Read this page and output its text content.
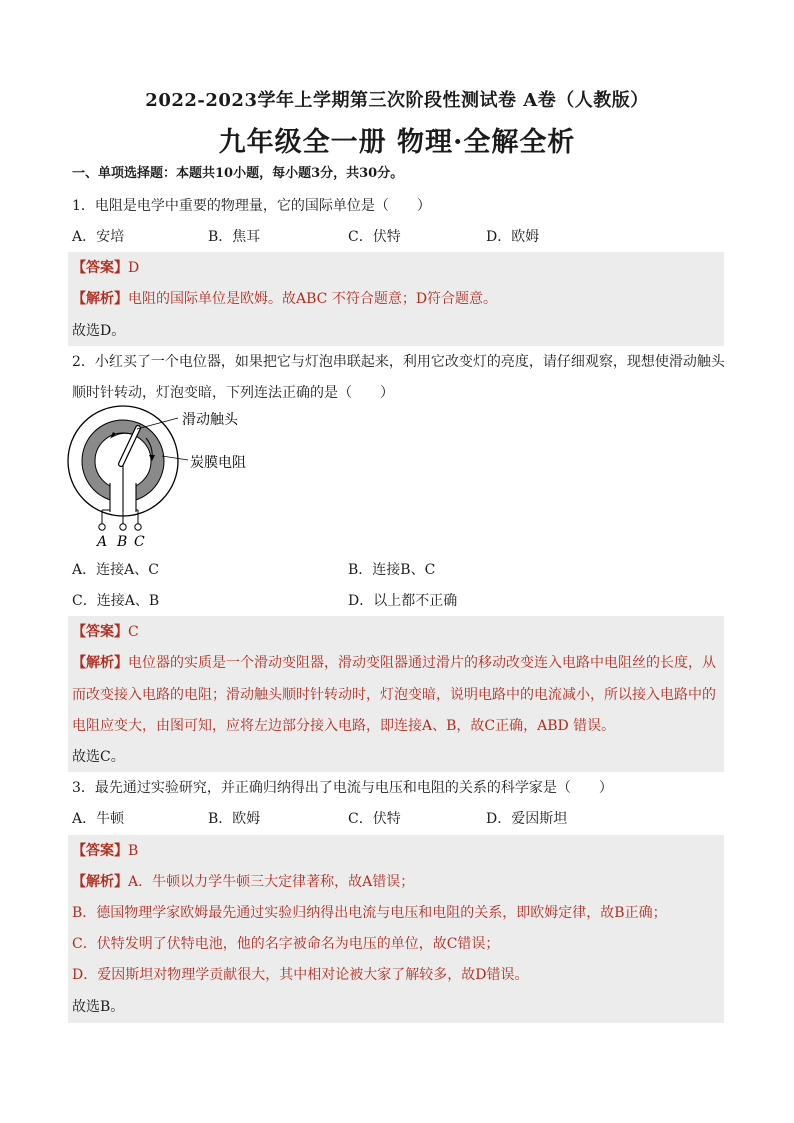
2022-2023学年上学期第三次阶段性测试卷 A卷（人教版）
九年级全一册 物理·全解全析
一、单项选择题：本题共10小题，每小题3分，共30分。
1．电阻是电学中重要的物理量，它的国际单位是（　　）
A．安培	B．焦耳	C．伏特	D．欧姆
【答案】D
【解析】电阻的国际单位是欧姆。故ABC 不符合题意；D符合题意。
故选D。
2．小红买了一个电位器，如果把它与灯泡串联起来，利用它改变灯的亮度，请仔细观察，现想使滑动触头
顺时针转动，灯泡变暗，下列连法正确的是（　　）
滑动触头
炭膜电阻
A B C
A．连接A、C	B．连接B、C
C．连接A、B	D．以上都不正确
【答案】C
【解析】电位器的实质是一个滑动变阻器，滑动变阻器通过滑片的移动改变连入电路中电阻丝的长度，从
而改变接入电路的电阻；滑动触头顺时针转动时，灯泡变暗，说明电路中的电流减小，所以接入电路中的
电阻应变大，由图可知，应将左边部分接入电路，即连接A、B，故C正确，ABD 错误。
故选C。
3．最先通过实验研究，并正确归纳得出了电流与电压和电阻的关系的科学家是（　　）
A．牛顿	B．欧姆	C．伏特	D．爱因斯坦
【答案】B
【解析】A．牛顿以力学牛顿三大定律著称，故A错误；
B．德国物理学家欧姆最先通过实验归纳得出电流与电压和电阻的关系，即欧姆定律，故B正确；
C．伏特发明了伏特电池，他的名字被命名为电压的单位，故C错误；
D．爱因斯坦对物理学贡献很大，其中相对论被大家了解较多，故D错误。
故选B。
